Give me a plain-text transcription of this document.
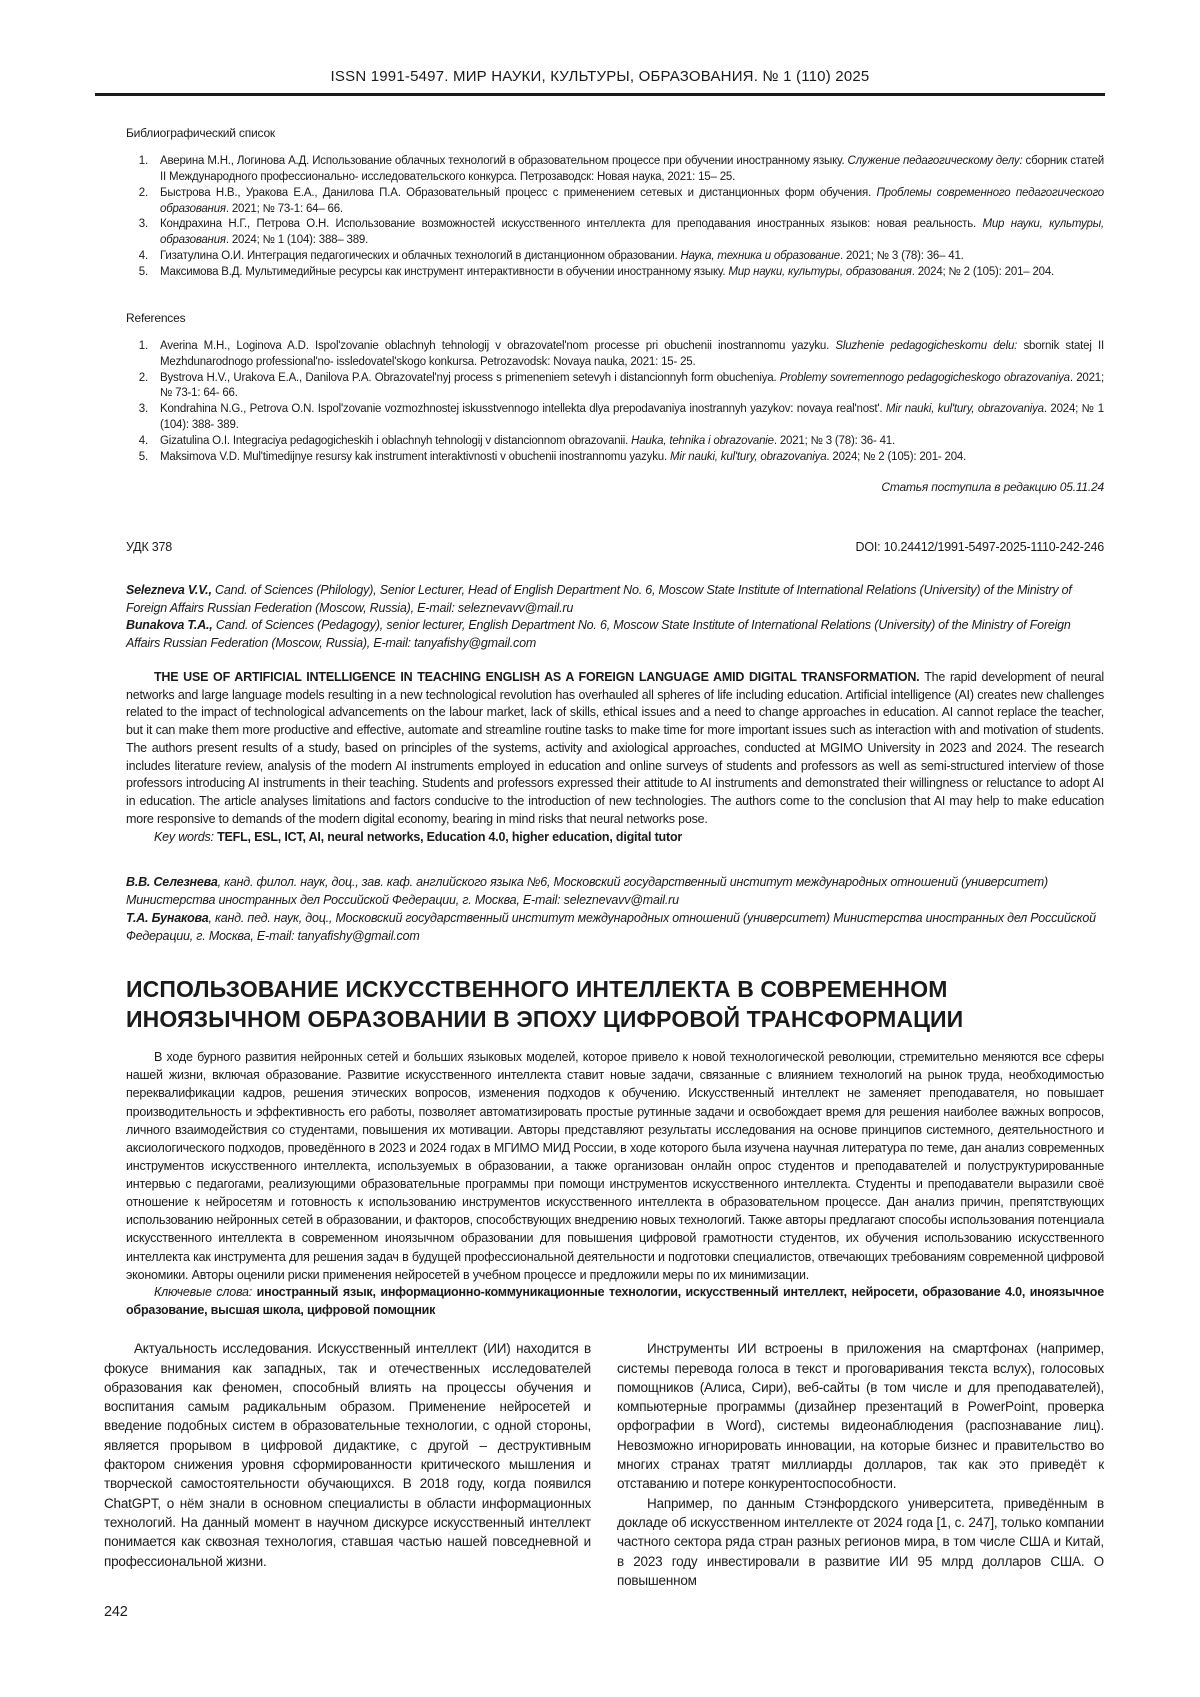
ISSN 1991-5497. МИР НАУКИ, КУЛЬТУРЫ, ОБРАЗОВАНИЯ. № 1 (110) 2025
Библиографический список
1. Аверина М.Н., Логинова А.Д. Использование облачных технологий в образовательном процессе при обучении иностранному языку. Служение педагогическому делу: сборник статей II Международного профессионально- исследовательского конкурса. Петрозаводск: Новая наука, 2021: 15– 25.
2. Быстрова Н.В., Уракова Е.А., Данилова П.А. Образовательный процесс с применением сетевых и дистанционных форм обучения. Проблемы современного педагогического образования. 2021; № 73-1: 64– 66.
3. Кондрахина Н.Г., Петрова О.Н. Использование возможностей искусственного интеллекта для преподавания иностранных языков: новая реальность. Мир науки, культуры, образования. 2024; № 1 (104): 388– 389.
4. Гизатулина О.И. Интеграция педагогических и облачных технологий в дистанционном образовании. Наука, техника и образование. 2021; № 3 (78): 36– 41.
5. Максимова В.Д. Мультимедийные ресурсы как инструмент интерактивности в обучении иностранному языку. Мир науки, культуры, образования. 2024; № 2 (105): 201– 204.
References
1. Averina M.H., Loginova A.D. Ispol'zovanie oblachnyh tehnologij v obrazovatel'nom processe pri obuchenii inostrannomu yazyku. Sluzhenie pedagogicheskomu delu: sbornik statej II Mezhdunarodnogo professional'no- issledovatel'skogo konkursa. Petrozavodsk: Novaya nauka, 2021: 15- 25.
2. Bystrova H.V., Urakova E.A., Danilova P.A. Obrazovatel'nyj process s primeneniem setevyh i distancionnyh form obucheniya. Problemy sovremennogo pedagogicheskogo obrazovaniya. 2021; № 73-1: 64- 66.
3. Kondrahina N.G., Petrova O.N. Ispol'zovanie vozmozhnostej iskusstvennogo intellekta dlya prepodavaniya inostrannyh yazykov: novaya real'nost'. Mir nauki, kul'tury, obrazovaniya. 2024; № 1 (104): 388- 389.
4. Gizatulina O.I. Integraciya pedagogicheskih i oblachnyh tehnologij v distancionnom obrazovanii. Hauka, tehnika i obrazovanie. 2021; № 3 (78): 36- 41.
5. Maksimova V.D. Mul'timedijnye resursy kak instrument interaktivnosti v obuchenii inostrannomu yazyku. Mir nauki, kul'tury, obrazovaniya. 2024; № 2 (105): 201- 204.
Статья поступила в редакцию 05.11.24
УДК 378	DOI: 10.24412/1991-5497-2025-1110-242-246
Selezneva V.V., Cand. of Sciences (Philology), Senior Lecturer, Head of English Department No. 6, Moscow State Institute of International Relations (University) of the Ministry of Foreign Affairs Russian Federation (Moscow, Russia), E-mail: seleznevavv@mail.ru
Bunakova T.A., Cand. of Sciences (Pedagogy), senior lecturer, English Department No. 6, Moscow State Institute of International Relations (University) of the Ministry of Foreign Affairs Russian Federation (Moscow, Russia), E-mail: tanyafishy@gmail.com

THE USE OF ARTIFICIAL INTELLIGENCE IN TEACHING ENGLISH AS A FOREIGN LANGUAGE AMID DIGITAL TRANSFORMATION. The rapid development of neural networks and large language models resulting in a new technological revolution has overhauled all spheres of life including education. Artificial intelligence (AI) creates new challenges related to the impact of technological advancements on the labour market, lack of skills, ethical issues and a need to change approaches in education. AI cannot replace the teacher, but it can make them more productive and effective, automate and streamline routine tasks to make time for more important issues such as interaction with and motivation of students. The authors present results of a study, based on principles of the systems, activity and axiological approaches, conducted at MGIMO University in 2023 and 2024. The research includes literature review, analysis of the modern AI instruments employed in education and online surveys of students and professors as well as semi-structured interview of those professors introducing AI instruments in their teaching. Students and professors expressed their attitude to AI instruments and demonstrated their willingness or reluctance to adopt AI in education. The article analyses limitations and factors conducive to the introduction of new technologies. The authors come to the conclusion that AI may help to make education more responsive to demands of the modern digital economy, bearing in mind risks that neural networks pose.

Key words: TEFL, ESL, ICT, AI, neural networks, Education 4.0, higher education, digital tutor

В.В. Селезнева, канд. филол. наук, доц., зав. каф. английского языка №6, Московский государственный институт международных отношений (университет) Министерства иностранных дел Российской Федерации, г. Москва, E-mail: seleznevavv@mail.ru
Т.А. Бунакова, канд. пед. наук, доц., Московский государственный институт международных отношений (университет) Министерства иностранных дел Российской Федерации, г. Москва, E-mail: tanyafishy@gmail.com
ИСПОЛЬЗОВАНИЕ ИСКУССТВЕННОГО ИНТЕЛЛЕКТА В СОВРЕМЕННОМ
ИНОЯЗЫЧНОМ ОБРАЗОВАНИИ В ЭПОХУ ЦИФРОВОЙ ТРАНСФОРМАЦИИ

В ходе бурного развития нейронных сетей и больших языковых моделей, которое привело к новой технологической революции, стремительно меняются все сферы нашей жизни, включая образование. Развитие искусственного интеллекта ставит новые задачи, связанные с влиянием технологий на рынок труда, необходимостью переквалификации кадров, решения этических вопросов, изменения подходов к обучению. Искусственный интеллект не заменяет преподавателя, но повышает производительность и эффективность его работы, позволяет автоматизировать простые рутинные задачи и освобождает время для решения наиболее важных вопросов, личного взаимодействия со студентами, повышения их мотивации. Авторы представляют результаты исследования на основе принципов системного, деятельностного и аксиологического подходов, проведённого в 2023 и 2024 годах в МГИМО МИД России, в ходе которого была изучена научная литература по теме, дан анализ современных инструментов искусственного интеллекта, используемых в образовании, а также организован онлайн опрос студентов и преподавателей и полуструктурированные интервью с педагогами, реализующими образовательные программы при помощи инструментов искусственного интеллекта. Студенты и преподаватели выразили своё отношение к нейросетям и готовность к использованию инструментов искусственного интеллекта в образовательном процессе. Дан анализ причин, препятствующих использованию нейронных сетей в образовании, и факторов, способствующих внедрению новых технологий. Также авторы предлагают способы использования потенциала искусственного интеллекта в современном иноязычном образовании для повышения цифровой грамотности студентов, их обучения использованию искусственного интеллекта как инструмента для решения задач в будущей профессиональной деятельности и подготовки специалистов, отвечающих требованиям современной цифровой экономики. Авторы оценили риски применения нейросетей в учебном процессе и предложили меры по их минимизации.

Ключевые слова: иностранный язык, информационно-коммуникационные технологии, искусственный интеллект, нейросети, образование 4.0, иноязычное образование, высшая школа, цифровой помощник

Актуальность исследования. Искусственный интеллект (ИИ) находится в фокусе внимания как западных, так и отечественных исследователей образования как феномен, способный влиять на процессы обучения и воспитания самым радикальным образом. Применение нейросетей и введение подобных систем в образовательные технологии, с одной стороны, является прорывом в цифровой дидактике, с другой – деструктивным фактором снижения уровня сформированности критического мышления и творческой самостоятельности обучающихся. В 2018 году, когда появился ChatGPT, о нём знали в основном специалисты в области информационных технологий. На данный момент в научном дискурсе искусственный интеллект понимается как сквозная технология, ставшая частью нашей повседневной и профессиональной жизни.
Инструменты ИИ встроены в приложения на смартфонах (например, системы перевода голоса в текст и проговаривания текста вслух), голосовых помощников (Алиса, Сири), веб-сайты (в том числе и для преподавателей), компьютерные программы (дизайнер презентаций в PowerPoint, проверка орфографии в Word), системы видеонаблюдения (распознавание лиц). Невозможно игнорировать инновации, на которые бизнес и правительство во многих странах тратят миллиарды долларов, так как это приведёт к отставанию и потере конкурентоспособности.
Например, по данным Стэнфордского университета, приведённым в докладе об искусственном интеллекте от 2024 года [1, с. 247], только компании частного сектора ряда стран разных регионов мира, в том числе США и Китай, в 2023 году инвестировали в развитие ИИ 95 млрд долларов США. О повышенном
242
